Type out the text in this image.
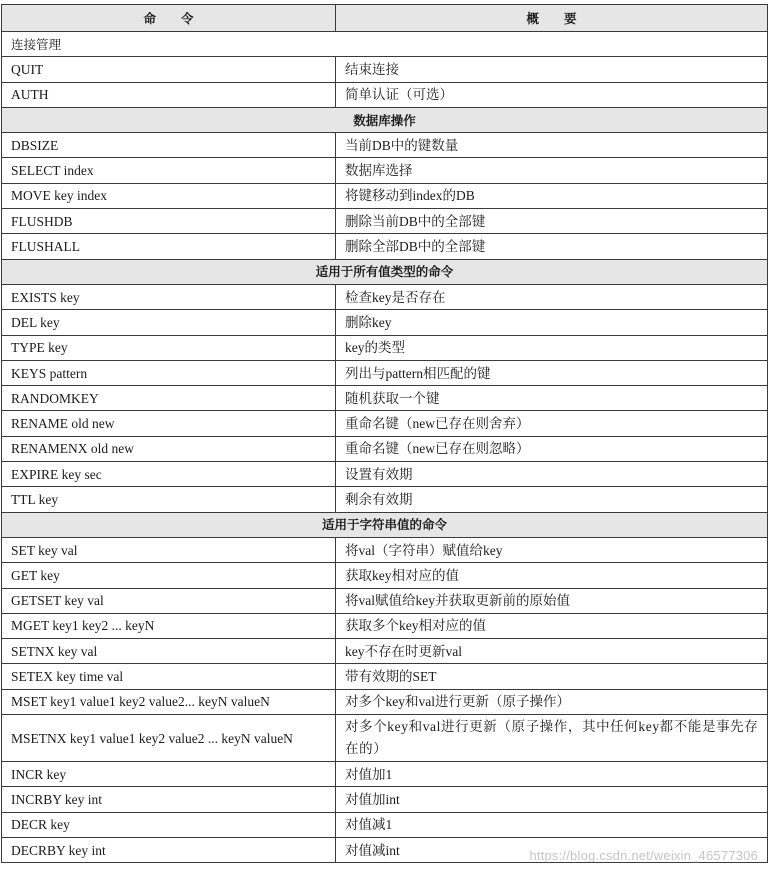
命　　令	概　　要
连接管理	
QUIT	结束连接
AUTH	简单认证（可选）
数据库操作	
DBSIZE	当前DB中的键数量
SELECT index	数据库选择
MOVE key index	将键移动到index的DB
FLUSHDB	删除当前DB中的全部键
FLUSHALL	删除全部DB中的全部键
适用于所有值类型的命令	
EXISTS key	检查key是否存在
DEL key	删除key
TYPE key	key的类型
KEYS pattern	列出与pattern相匹配的键
RANDOMKEY	随机获取一个键
RENAME old new	重命名键（new已存在则舍弃）
RENAMENX old new	重命名键（new已存在则忽略）
EXPIRE key sec	设置有效期
TTL key	剩余有效期
适用于字符串值的命令	
SET key val	将val（字符串）赋值给key
GET key	获取key相对应的值
GETSET key val	将val赋值给key并获取更新前的原始值
MGET key1 key2 ... keyN	获取多个key相对应的值
SETNX key val	key不存在时更新val
SETEX key time val	带有效期的SET
MSET key1 value1 key2 value2... keyN valueN	对多个key和val进行更新（原子操作）
MSETNX key1 value1 key2 value2 ... keyN valueN	对多个key和val进行更新（原子操作，其中任何key都不能是事先存在的）
INCR key	对值加1
INCRBY key int	对值加int
DECR key	对值减1
DECRBY key int	对值减int	https://blog.csdn.net/weixin_46577306
